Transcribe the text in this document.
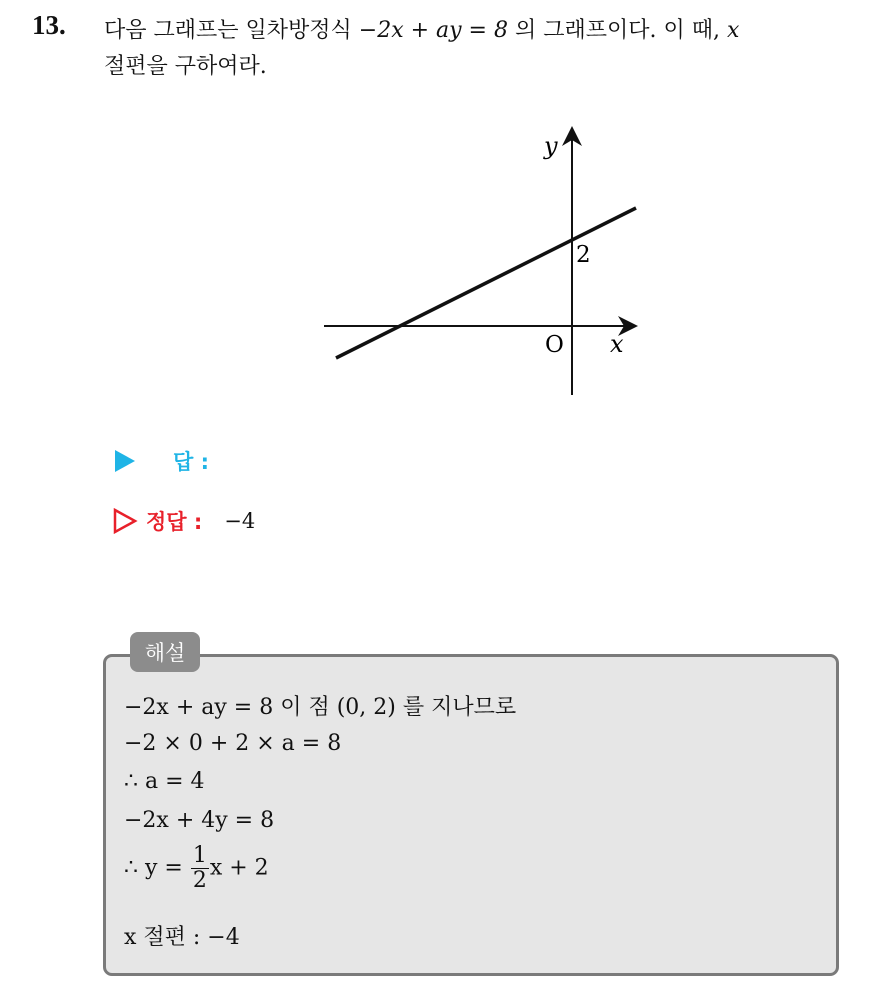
13. 다음 그래프는 일차방정식 −2x + ay = 8 의 그래프이다. 이 때, x
절편을 구하여라.
y
x
O
2
답 :
정답 : −4
해설
−2x + ay = 8 이 점 (0, 2) 를 지나므로
−2 × 0 + 2 × a = 8
∴ a = 4
−2x + 4y = 8
∴ $y = \frac{1}{2}$ x + 2
x 절편 : −4
